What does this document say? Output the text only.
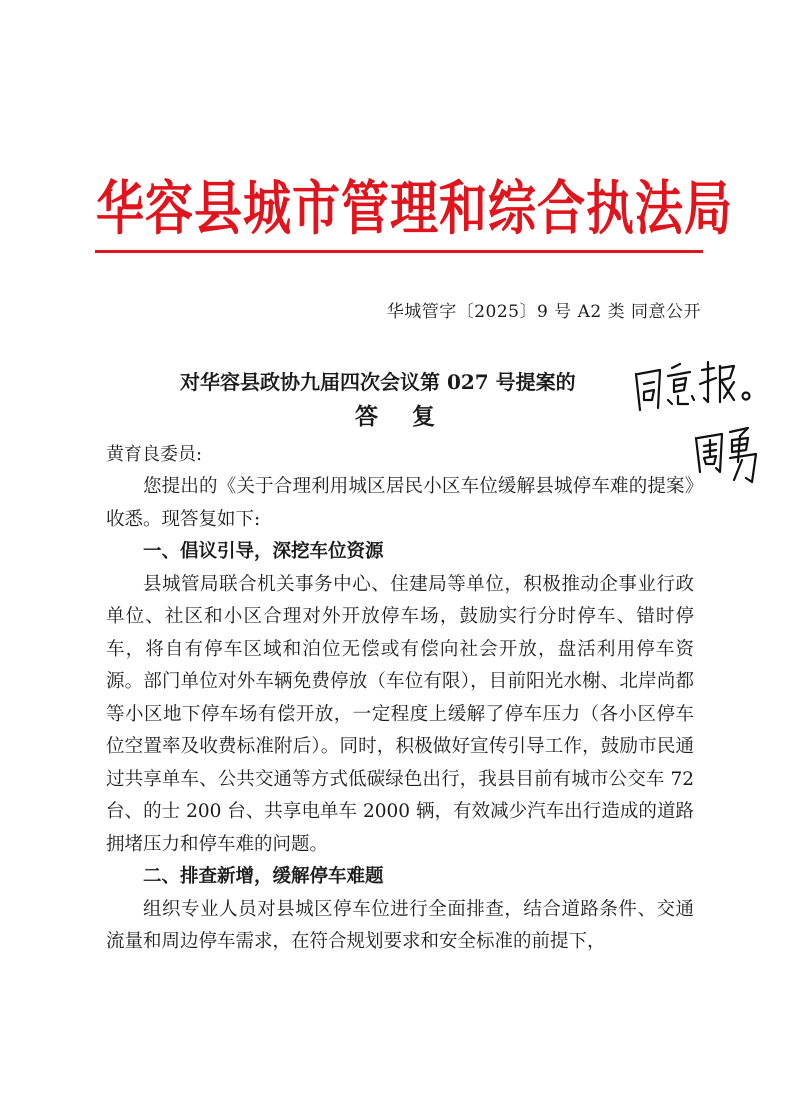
华容县城市管理和综合执法局
华城管字〔2025〕9 号 A2 类 同意公开
对华容县政协九届四次会议第 027 号提案的
答复
黄育良委员:

您提出的《关于合理利用城区居民小区车位缓解县城停车难的提案》收悉。现答复如下:

一、倡议引导，深挖车位资源

县城管局联合机关事务中心、住建局等单位，积极推动企事业行政单位、社区和小区合理对外开放停车场，鼓励实行分时停车、错时停车，将自有停车区域和泊位无偿或有偿向社会开放，盘活利用停车资源。部门单位对外车辆免费停放（车位有限），目前阳光水榭、北岸尚都等小区地下停车场有偿开放，一定程度上缓解了停车压力（各小区停车位空置率及收费标准附后）。同时，积极做好宣传引导工作，鼓励市民通过共享单车、公共交通等方式低碳绿色出行，我县目前有城市公交车 72 台、的士 200 台、共享电单车 2000 辆，有效减少汽车出行造成的道路拥堵压力和停车难的问题。

二、排查新增，缓解停车难题

组织专业人员对县城区停车位进行全面排查，结合道路条件、交通流量和周边停车需求，在符合规划要求和安全标准的前提下，
